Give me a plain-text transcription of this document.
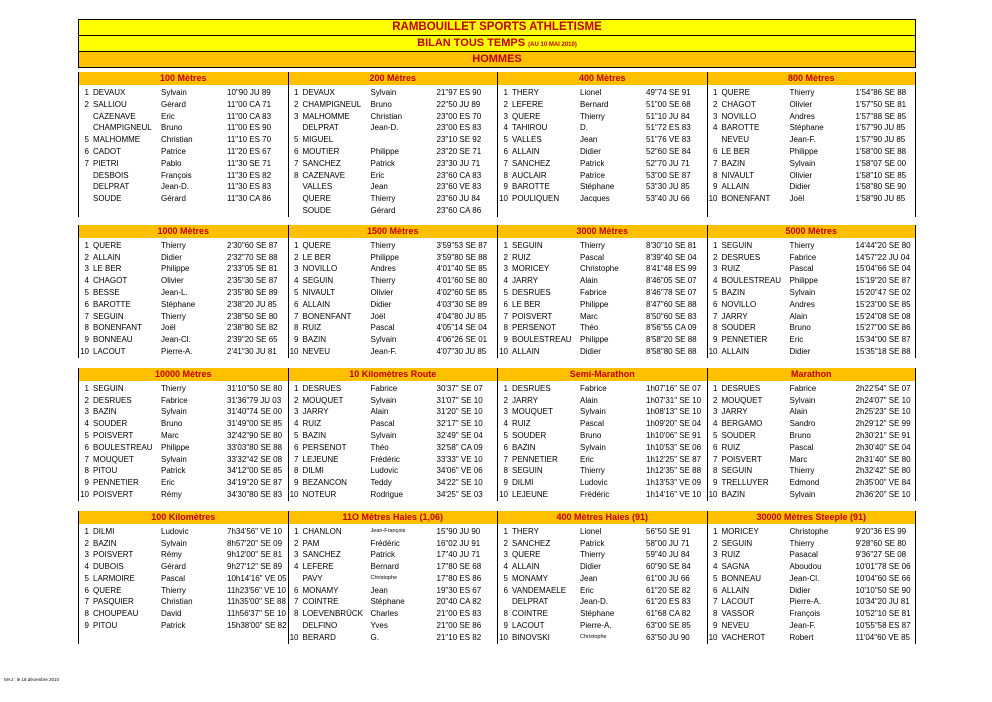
RAMBOUILLET SPORTS ATHLETISME
BILAN TOUS TEMPS (AU 10 MAI 2010)
HOMMES
100 Mètres	200 Mètres	400 Mètres	800 Mètres
1 DEVAUX	Sylvain	10"90 JU 89
2 SALLIOU	Gérard	11"00 CA 71
CAZENAVE	Eric	11"00 CA 83
CHAMPIGNEUL Bruno	11"00 ES 90
5 MALHOMME	Christian	11"10 ES 70
6 CADOT	Patrice	11"20 ES 67
7 PIETRI	Pablo	11"30 SE 71
DESBOIS	François	11"30 ES 82
DELPRAT	Jean-D.	11"30 ES 83
SOUDE	Gérard	11"30 CA 86
1 DEVAUX	Sylvain	21"97 ES 90
2 CHAMPIGNEUL Bruno	22"50 JU 89
3 MALHOMME	Christian	23"00 ES 70
DELPRAT	Jean-D.	23"00 ES 83
5 MIGUEL	23"10 SE 92
6 MOUTIER	Philippe	23"20 SE 71
7 SANCHEZ	Patrick	23"30 JU 71
8 CAZENAVE	Eric	23"60 CA 83
VALLES	Jean	23"60 VE 83
QUERE	Thierry	23"60 JU 84
SOUDE	Gérard	23"60 CA 86
1 THERY	Lionel	49"74 SE 91
2 LEFERE	Bernard	51"00 SE 68
3 QUERE	Thierry	51"10 JU 84
4 TAHIROU	D.	51"72 ES 83
5 VALLES	Jean	51"76 VE 83
6 ALLAIN	Didier	52"60 SE 84
7 SANCHEZ	Patrick	52"70 JU 71
8 AUCLAIR	Patrice	53"00 SE 87
9 BAROTTE	Stéphane	53"30 JU 85
10 POULIQUEN	Jacques	53"40 JU 66
1 QUERE	Thierry	1'54"86 SE 88
2 CHAGOT	Olivier	1'57"50 SE 81
3 NOVILLO	Andres	1'57"88 SE 85
4 BAROTTE	Stéphane	1'57"90 JU 85
NEVEU	Jean-F.	1'57"90 JU 85
6 LE BER	Philippe	1'58"00 SE 88
7 BAZIN	Sylvain	1'58"07 SE 00
8 NIVAULT	Olivier	1'58"10 SE 85
9 ALLAIN	Didier	1'58"80 SE 90
10 BONENFANT Joël	1'58"90 JU 85
1000 Mètres	1500 Mètres	3000 Mètres	5000 Mètres
1 QUERE	Thierry	2'30"60 SE 87
2 ALLAIN	Didier	2'32"70 SE 88
3 LE BER	Philippe	2'33"05 SE 81
4 CHAGOT	Olivier	2'35"30 SE 87
5 BESSE	Jean-L.	2'35"80 SE 89
6 BAROTTE	Stéphane	2'38"20 JU 85
7 SEGUIN	Thierry	2'38"50 SE 80
8 BONENFANT Joël	2'38"80 SE 82
9 BONNEAU	Jean-Cl.	2'39"20 SE 65
10 LACOUT	Pierre-A.	2'41"30 JU 81
1 QUERE	Thierry	3'59"53 SE 87
2 LE BER	Philippe	3'59"80 SE 88
3 NOVILLO	Andres	4'01"40 SE 85
4 SEGUIN	Thierry	4'01"60 SE 80
5 NIVAULT	Olivier	4'02"60 SE 85
6 ALLAIN	Didier	4'03"30 SE 89
7 BONENFANT Joël	4'04"80 JU 85
8 RUIZ	Pascal	4'05"14 SE 04
9 BAZIN	Sylvain	4'06"26 SE 01
10 NEVEU	Jean-F.	4'07"30 JU 85
1 SEGUIN	Thierry	8'30"10 SE 81
2 RUIZ	Pascal	8'39"40 SE 04
3 MORICEY	Christophe	8'41"48 ES 99
4 JARRY	Alain	8'46"05 SE 07
5 DESRUES	Fabrice	8'46"78 SE 07
6 LE BER	Philippe	8'47"60 SE 88
7 POISVERT	Marc	8'50"60 SE 83
8 PERSENOT	Théo	8'56"55 CA 09
9 BOULESTREAU Philippe	8'58"20 SE 88
10 ALLAIN	Didier	8'58"80 SE 88
1 SEGUIN	Thierry	14'44"20 SE 80
2 DESRUES	Fabrice	14'57"22 JU 04
3 RUIZ	Pascal	15'04"66 SE 04
4 BOULESTREAU Philippe	15'19"20 SE 87
5 BAZIN	Sylvain	15'20"47 SE 02
6 NOVILLO	Andres	15'23"00 SE 85
7 JARRY	Alain	15'24"08 SE 08
8 SOUDER	Bruno	15'27"00 SE 86
9 PENNETIER	Eric	15'34"00 SE 87
10 ALLAIN	Didier	15'35"18 SE 88
10000 Mètres	10 Kilomètres Route	Semi-Marathon	Marathon
1 SEGUIN	Thierry	31'10"50 SE 80
2 DESRUES	Fabrice	31'36"79 JU 03
3 BAZIN	Sylvain	31'40"74 SE 00
4 SOUDER	Bruno	31'49"00 SE 85
5 POISVERT	Marc	32'42"90 SE 80
6 BOULESTREAU Philippe	33'03"80 SE 88
7 MOUQUET	Sylvain	33'32"42 SE 08
8 PITOU	Patrick	34'12"00 SE 85
9 PENNETIER	Eric	34'19"20 SE 87
10 POISVERT	Rémy	34'30"80 SE 83
1 DESRUES	Fabrice	30'37" SE 07
2 MOUQUET	Sylvain	31'07" SE 10
3 JARRY	Alain	31'20" SE 10
4 RUIZ	Pascal	32'17" SE 10
5 BAZIN	Sylvain	32'49" SE 04
6 PERSENOT	Théo	32'58" CA 09
7 LEJEUNE	Frédéric	33'33" VE 10
8 DILMI	Ludovic	34'06" VE 06
9 BEZANCON	Teddy	34'22" SE 10
10 NOTEUR	Rodrigue	34'25" SE 03
1 DESRUES	Fabrice	1h07'16" SE 07
2 JARRY	Alain	1h07'31" SE 10
3 MOUQUET	Sylvain	1h08'13" SE 10
4 RUIZ	Pascal	1h09'20" SE 04
5 SOUDER	Bruno	1h10'06" SE 91
6 BAZIN	Sylvain	1h10'53" SE 06
7 PENNETIER	Eric	1h12'25" SE 87
8 SEGUIN	Thierry	1h12'35" SE 88
9 DILMI	Ludovic	1h13'53" VE 09
10 LEJEUNE	Frédéric	1h14'16" VE 10
1 DESRUES	Fabrice	2h22'54" SE 07
2 MOUQUET	Sylvain	2h24'07" SE 10
3 JARRY	Alain	2h25'23" SE 10
4 BERGAMO	Sandro	2h29'12" SE 99
5 SOUDER	Bruno	2h30'21" SE 91
6 RUIZ	Pascal	2h30'40" SE 04
7 POISVERT	Marc	2h31'40" SE 80
8 SEGUIN	Thierry	2h32'42" SE 80
9 TRELLUYER	Edmond	2h35'00" VE 84
10 BAZIN	Sylvain	2h36'20" SE 10
100 Kilomètres	11O Mètres Haies (1,06)	400 Mètres Haies (91)	30000 Mètres Steeple (91)
1 DILMI	Ludovic	7h34'56" VE 10
2 BAZIN	Sylvain	8h57'20" SE 09
3 POISVERT	Rémy	9h12'00" SE 81
4 DUBOIS	Gérard	9h27'12" SE 89
5 LARMOIRE	Pascal	10h14'16" VE 05
6 QUERE	Thierry	11h23'56" VE 10
7 PASQUIER	Christian	11h35'00" SE 88
8 CHOUPEAU	David	11h56'37" SE 10
9 PITOU	Patrick	15h38'00" SE 82
1 CHANLON	Jean-François	15"90 JU 90
2 PAM	Frédéric	16"02 JU 91
3 SANCHEZ	Patrick	17"40 JU 71
4 LEFERE	Bernard	17"80 SE 68
PAVY	Christophe	17"80 ES 86
6 MONAMY	Jean	19"30 ES 67
7 COINTRE	Stéphane	20"40 CA 82
8 LOEVENBRÜCK Charles	21"00 ES 83
DELFINO	Yves	21"00 SE 86
10 BERARD	G.	21"10 ES 82
1 THERY	Lionel	56"50 SE 91
2 SANCHEZ	Patrick	58"00 JU 71
3 QUERE	Thierry	59"40 JU 84
4 ALLAIN	Didier	60"90 SE 84
5 MONAMY	Jean	61"00 JU 66
6 VANDEMAELE Eric	61"20 SE 82
DELPRAT	Jean-D.	61"20 ES 83
8 COINTRE	Stéphane	61"68 CA 82
9 LACOUT	Pierre-A.	63"00 SE 85
10 BINOVSKI	Christophe	63"50 JU 90
1 MORICEY	Christophe	9'20"36 ES 99
2 SEGUIN	Thierry	9'28"60 SE 80
3 RUIZ	Pasacal	9'36"27 SE 08
4 SAGNA	Aboudou	10'01"78 SE 06
5 BONNEAU	Jean-Cl.	10'04"60 SE 66
6 ALLAIN	Didier	10'10"50 SE 90
7 LACOUT	Pierre-A.	10'34"20 JU 81
8 VASSOR	François	10'52"10 SE 81
9 NEVEU	Jean-F.	10'55"58 ES 87
10 VACHEROT	Robert	11'04"60 VE 85
MAJ : le 18 décembre 2010
